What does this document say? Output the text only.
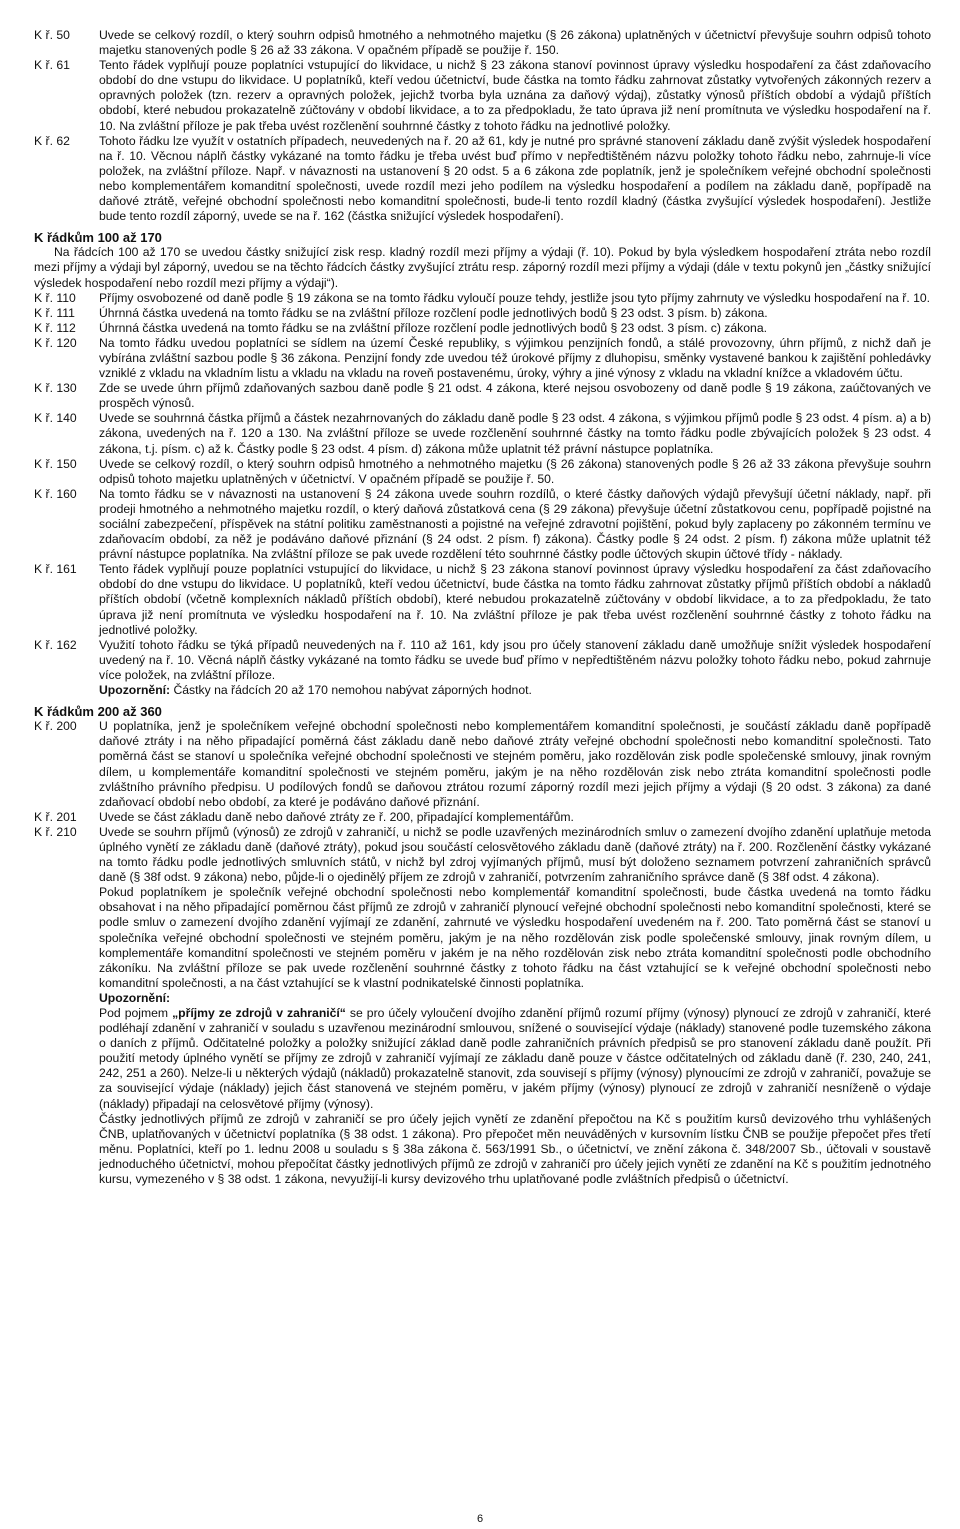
K ř. 50 Uvede se celkový rozdíl, o který souhrn odpisů hmotného a nehmotného majetku (§ 26 zákona) uplatněných v účetnictví převyšuje souhrn odpisů tohoto majetku stanovených podle § 26 až 33 zákona. V opačném případě se použije ř. 150.

K ř. 61 Tento řádek vyplňují pouze poplatníci vstupující do likvidace, u nichž § 23 zákona stanoví povinnost úpravy výsledku hospodaření za část zdaňovacího období do dne vstupu do likvidace. U poplatníků, kteří vedou účetnictví, bude částka na tomto řádku zahrnovat zůstatky vytvořených zákonných rezerv a opravných položek (tzn. rezerv a opravných položek, jejichž tvorba byla uznána za daňový výdaj), zůstatky výnosů příštích období a výdajů příštích období, které nebudou prokazatelně zúčtovány v období likvidace, a to za předpokladu, že tato úprava již není promítnuta ve výsledku hospodaření na ř. 10. Na zvláštní příloze je pak třeba uvést rozčlenění souhrnné částky z tohoto řádku na jednotlivé položky.

K ř. 62 Tohoto řádku lze využít v ostatních případech, neuvedených na ř. 20 až 61, kdy je nutné pro správné stanovení základu daně zvýšit výsledek hospodaření na ř. 10. Věcnou náplň částky vykázané na tomto řádku je třeba uvést buď přímo v nepředtištěném názvu položky tohoto řádku nebo, zahrnuje-li více položek, na zvláštní příloze. Např. v návaznosti na ustanovení § 20 odst. 5 a 6 zákona zde poplatník, jenž je společníkem veřejné obchodní společnosti nebo komplementářem komanditní společnosti, uvede rozdíl mezi jeho podílem na výsledku hospodaření a podílem na základu daně, popřípadě na daňové ztrátě, veřejné obchodní společnosti nebo komanditní společnosti, bude-li tento rozdíl kladný (částka zvyšující výsledek hospodaření). Jestliže bude tento rozdíl záporný, uvede se na ř. 162 (částka snižující výsledek hospodaření).

K řádkům 100 až 170

Na řádcích 100 až 170 se uvedou částky snižující zisk resp. kladný rozdíl mezi příjmy a výdaji (ř. 10). Pokud by byla výsledkem hospodaření ztráta nebo rozdíl mezi příjmy a výdaji byl záporný, uvedou se na těchto řádcích částky zvyšující ztrátu resp. záporný rozdíl mezi příjmy a výdaji (dále v textu pokynů jen „částky snižující výsledek hospodaření nebo rozdíl mezi příjmy a výdaji“).

K ř. 110 Příjmy osvobozené od daně podle § 19 zákona se na tomto řádku vyloučí pouze tehdy, jestliže jsou tyto příjmy zahrnuty ve výsledku hospodaření na ř. 10.

K ř. 111 Úhrnná částka uvedená na tomto řádku se na zvláštní příloze rozčlení podle jednotlivých bodů § 23 odst. 3 písm. b) zákona.

K ř. 112 Úhrnná částka uvedená na tomto řádku se na zvláštní příloze rozčlení podle jednotlivých bodů § 23 odst. 3 písm. c) zákona.

K ř. 120 Na tomto řádku uvedou poplatníci se sídlem na území České republiky, s výjimkou penzijních fondů, a stálé provozovny, úhrn příjmů, z nichž daň je vybírána zvláštní sazbou podle § 36 zákona. Penzijní fondy zde uvedou též úrokové příjmy z dluhopisu, směnky vystavené bankou k zajištění pohledávky vzniklé z vkladu na vkladním listu a vkladu na vkladu na roveň postavenému, úroky, výhry a jiné výnosy z vkladu na vkladní knížce a vkladovém účtu.

K ř. 130 Zde se uvede úhrn příjmů zdaňovaných sazbou daně podle § 21 odst. 4 zákona, které nejsou osvobozeny od daně podle § 19 zákona, zaúčtovaných ve prospěch výnosů.

K ř. 140 Uvede se souhrnná částka příjmů a částek nezahrnovaných do základu daně podle § 23 odst. 4 zákona, s výjimkou příjmů podle § 23 odst. 4 písm. a) a b) zákona, uvedených na ř. 120 a 130. Na zvláštní příloze se uvede rozčlenění souhrnné částky na tomto řádku podle zbývajících položek § 23 odst. 4 zákona, t.j. písm. c) až k. Částky podle § 23 odst. 4 písm. d) zákona může uplatnit též právní nástupce poplatníka.

K ř. 150 Uvede se celkový rozdíl, o který souhrn odpisů hmotného a nehmotného majetku (§ 26 zákona) stanovených podle § 26 až 33 zákona převyšuje souhrn odpisů tohoto majetku uplatněných v účetnictví. V opačném případě se použije ř. 50.

K ř. 160 Na tomto řádku se v návaznosti na ustanovení § 24 zákona uvede souhrn rozdílů, o které částky daňových výdajů převyšují účetní náklady, např. při prodeji hmotného a nehmotného majetku rozdíl, o který daňová zůstatková cena (§ 29 zákona) převyšuje účetní zůstatkovou cenu, popřípadě pojistné na sociální zabezpečení, příspěvek na státní politiku zaměstnanosti a pojistné na veřejné zdravotní pojištění, pokud byly zaplaceny po zákonném termínu ve zdaňovacím období, za něž je podáváno daňové přiznání (§ 24 odst. 2 písm. f) zákona). Částky podle § 24 odst. 2 písm. f) zákona může uplatnit též právní nástupce poplatníka. Na zvláštní příloze se pak uvede rozdělení této souhrnné částky podle účtových skupin účtové třídy - náklady.

K ř. 161 Tento řádek vyplňují pouze poplatníci vstupující do likvidace, u nichž § 23 zákona stanoví povinnost úpravy výsledku hospodaření za část zdaňovacího období do dne vstupu do likvidace. U poplatníků, kteří vedou účetnictví, bude částka na tomto řádku zahrnovat zůstatky příjmů příštích období a nákladů příštích období (včetně komplexních nákladů příštích období), které nebudou prokazatelně zúčtovány v období likvidace, a to za předpokladu, že tato úprava již není promítnuta ve výsledku hospodaření na ř. 10. Na zvláštní příloze je pak třeba uvést rozčlenění souhrnné částky z tohoto řádku na jednotlivé položky.

K ř. 162 Využití tohoto řádku se týká případů neuvedených na ř. 110 až 161, kdy jsou pro účely stanovení základu daně umožňuje snížit výsledek hospodaření uvedený na ř. 10. Věcná náplň částky vykázané na tomto řádku se uvede buď přímo v nepředtištěném názvu položky tohoto řádku nebo, pokud zahrnuje více položek, na zvláštní příloze.

Upozornění: Částky na řádcích 20 až 170 nemohou nabývat záporných hodnot.

K řádkům 200 až 360
K ř. 200 U poplatníka, jenž je společníkem veřejné obchodní společnosti nebo komplementářem komanditní společnosti, je součástí základu daně popřípadě daňové ztráty i na něho připadající poměrná část základu daně nebo daňové ztráty veřejné obchodní společnosti nebo komanditní společnosti. Tato poměrná část se stanoví u společníka veřejné obchodní společnosti ve stejném poměru, jako rozdělován zisk podle společenské smlouvy, jinak rovným dílem, u komplementáře komanditní společnosti ve stejném poměru, jakým je na něho rozdělován zisk nebo ztráta komanditní společnosti podle zvláštního právního předpisu. U podílových fondů se daňovou ztrátou rozumí záporný rozdíl mezi jejich příjmy a výdaji (§ 20 odst. 3 zákona) za dané zdaňovací období nebo období, za které je podáváno daňové přiznání.

K ř. 201 Uvede se část základu daně nebo daňové ztráty ze ř. 200, připadající komplementářům.

K ř. 210 Uvede se souhrn příjmů (výnosů) ze zdrojů v zahraničí, u nichž se podle uzavřených mezinárodních smluv o zamezení dvojího zdanění uplatňuje metoda úplného vynětí ze základu daně (daňové ztráty), pokud jsou součástí celosvětového základu daně (daňové ztráty) na ř. 200. Rozčlenění částky vykázané na tomto řádku podle jednotlivých smluvních států, v nichž byl zdroj vyjímaných příjmů, musí být doloženo seznamem potvrzení zahraničních správců daně (§ 38f odst. 9 zákona) nebo, půjde-li o ojedinělý příjem ze zdrojů v zahraničí, potvrzením zahraničního správce daně (§ 38f odst. 4 zákona).

Pokud poplatníkem je společník veřejné obchodní společnosti nebo komplementář komanditní společnosti, bude částka uvedená na tomto řádku obsahovat i na něho připadající poměrnou část příjmů ze zdrojů v zahraničí plynoucí veřejné obchodní společnosti nebo komanditní společnosti, které se podle smluv o zamezení dvojího zdanění vyjímají ze zdanění, zahrnuté ve výsledku hospodaření uvedeném na ř. 200. Tato poměrná část se stanoví u společníka veřejné obchodní společnosti ve stejném poměru, jakým je na něho rozdělován zisk podle společenské smlouvy, jinak rovným dílem, u komplementáře komanditní společnosti ve stejném poměru v jakém je na něho rozdělován zisk nebo ztráta komanditní společnosti podle obchodního zákoníku. Na zvláštní příloze se pak uvede rozčlenění souhrnné částky z tohoto řádku na část vztahující se k veřejné obchodní společnosti nebo komanditní společnosti, a na část vztahující se k vlastní podnikatelské činnosti poplatníka.

Upozornění:

Pod pojmem „příjmy ze zdrojů v zahraničí“ se pro účely vyloučení dvojího zdanění příjmů rozumí příjmy (výnosy) plynoucí ze zdrojů v zahraničí, které podléhají zdanění v zahraničí v souladu s uzavřenou mezinárodní smlouvou, snížené o související výdaje (náklady) stanovené podle tuzemského zákona o daních z příjmů. Odčitatelné položky a položky snižující základ daně podle zahraničních právních předpisů se pro stanovení základu daně použít. Při použití metody úplného vynětí se příjmy ze zdrojů v zahraničí vyjímají ze základu daně pouze v částce odčitatelných od základu daně (ř. 230, 240, 241, 242, 251 a 260). Nelze-li u některých výdajů (nákladů) prokazatelně stanovit, zda souvisejí s příjmy (výnosy) plynoucími ze zdrojů v zahraničí, považuje se za související výdaje (náklady) jejich část stanovená ve stejném poměru, v jakém příjmy (výnosy) plynoucí ze zdrojů v zahraničí nesníženě o výdaje (náklady) připadají na celosvětové příjmy (výnosy).

Částky jednotlivých příjmů ze zdrojů v zahraničí se pro účely jejich vynětí ze zdanění přepočtou na Kč s použitím kursů devizového trhu vyhlášených ČNB, uplatňovaných v účetnictví poplatníka (§ 38 odst. 1 zákona). Pro přepočet měn neuváděných v kursovním lístku ČNB se použije přepočet přes třetí měnu. Poplatníci, kteří po 1. lednu 2008 u souladu s § 38a zákona č. 563/1991 Sb., o účetnictví, ve znění zákona č. 348/2007 Sb., účtovali v soustavě jednoduchého účetnictví, mohou přepočítat částky jednotlivých příjmů ze zdrojů v zahraničí pro účely jejich vynětí ze zdanění na Kč s použitím jednotného kursu, vymezeného v § 38 odst. 1 zákona, nevyužijí-li kursy devizového trhu uplatňované podle zvláštních předpisů o účetnictví.

6
